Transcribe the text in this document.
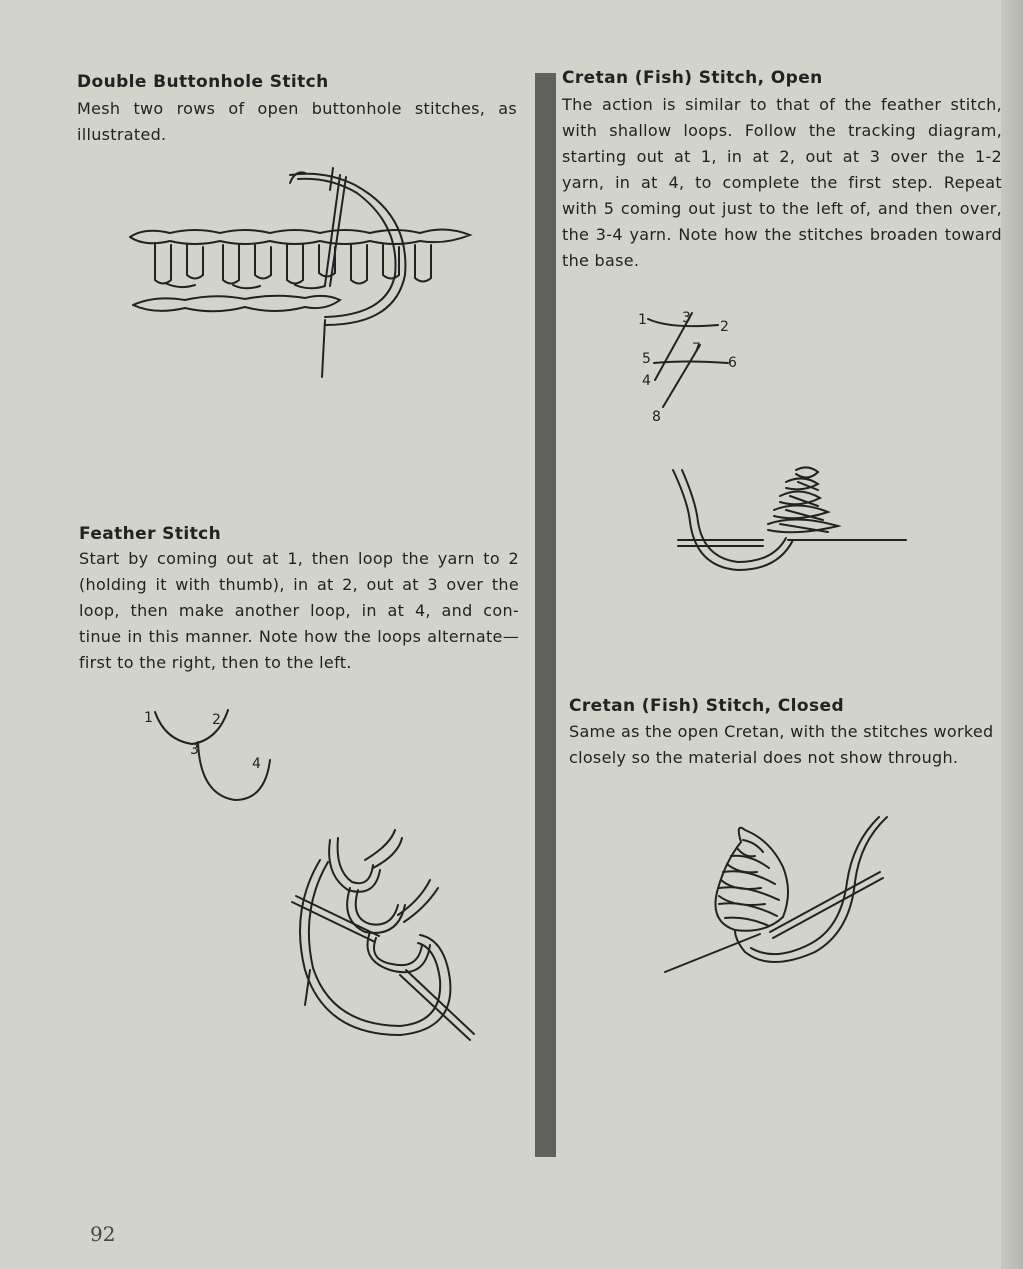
Double Buttonhole Stitch

Mesh two rows of open buttonhole stitches, as
illustrated.

Feather Stitch

Start by coming out at 1, then loop the yarn to 2
(holding it with thumb), in at 2, out at 3 over the
loop, then make another loop, in at 4, and con-
tinue in this manner. Note how the loops alternate—
first to the right, then to the left.

1	2
3
4
Cretan (Fish) Stitch, Open

The action is similar to that of the feather stitch,
with shallow loops. Follow the tracking diagram,
starting out at 1, in at 2, out at 3 over the 1-2
yarn, in at 4, to complete the first step. Repeat
with 5 coming out just to the left of, and then over,
the 3-4 yarn. Note how the stitches broaden toward
the base.

1	2
3
4
5	6
7
8
Cretan (Fish) Stitch, Closed

Same as the open Cretan, with the stitches worked
closely so the material does not show through.

92
